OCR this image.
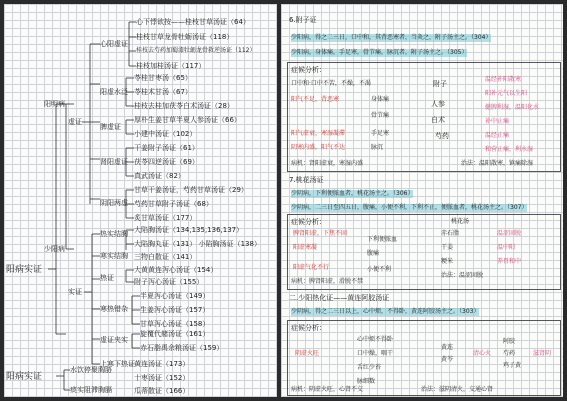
阳病实证
阳明病
少阳病
虚证
实证
心阳虚证
阳虚水泛
脾虚证
肾阳虚证
阴阳两虚
热实结胸
寒实结胸
热证
寒热错杂
虚证夹实
上寒下热证
心下悸欲按——桂枝甘草汤证（64）
桂枝甘草龙骨牡蛎汤证（118）
桂枝去芍药加蜀漆牡蛎龙骨救逆汤证（112）
桂枝加桂汤证（117）
苓桂甘枣汤（65）
苓桂术甘汤（67）
桂枝去桂加茯苓白术汤证（28）
厚朴生姜甘草半夏人参汤证（66）
小建中汤证（102）
干姜附子汤证（61）
茯苓四逆汤证（69）
真武汤证（82）
甘草干姜汤证，芍药甘草汤证（29）
芍药甘草附子汤证（68）
炙甘草汤证（177）
大陷胸汤证（134,135,136,137）
大陷胸丸证（131） 小陷胸汤证（138）
三物白散证（141）
大黄黄连泻心汤证（154）
附子泻心汤证（155）
半夏泻心汤证（149）
生姜泻心汤证（157）
甘草泻心汤证（158）
旋覆代赭汤证（161）
赤石脂禹余粮汤证（159）
黄连汤证（173）
十枣汤证（152）
瓜蒂散证（166）
阳病实证
水饮停聚胸胁
痰实阻滞胸膈
6.附子证
少阳病，得之二三日，口中和，其背恶寒者，当灸之，附子汤主之。（304）
少阳病，身体痛，手足寒，骨节痛，脉沉者，附子汤主之。（305）
症候分析：
口中和·口中不苦，不燥，不渴
阳气不足，背恶寒
阳气虚衰，寒湿凝滞
阴寒内盛，阳气不达
身体痛
骨节痛
手足寒
脉沉
附子
人参
白术
芍药
温经补阳散寒
阳补元气以生阳
健脾利湿，温阳化水
补中止痛
温经止痛
和营止痛，利水湿
病机：肾阳虚衰，寒湿内盛	治法：温阳散寒，镇痛除湿
7.桃花汤证
少阴病，下利便脓血者，桃花汤主之。（306）
少阴病，二三日至四五日，腹痛，小便不利，下利不止，便脓血者，桃花汤主之。（307）
症候分析：
脾肾阳虚，下焦不固
阳虚寒凝
阳虚气化不行
下利便脓血
腹痛
小便不利
桃花汤
赤石脂
干姜
粳米
温涩固脱
温中阳
养胃和中
病机：脾肾阳虚，滑脱不禁
治法：温涩固脱
二.少阳热化证——黄连阿胶汤证
少阴病，得之二三日以上，心中烦，不得卧，黄连阿胶汤主之。（303）
症候分析：
阴虚火旺
心中烦不得卧
口中燥，咽干
舌红少苔
脉细数
黄连
黄芩
清心火
阿胶
芍药
鸡子黄
滋肾阴
病机：阴虚火旺，心肾不交	治法：滋阴清火，交通心肾
